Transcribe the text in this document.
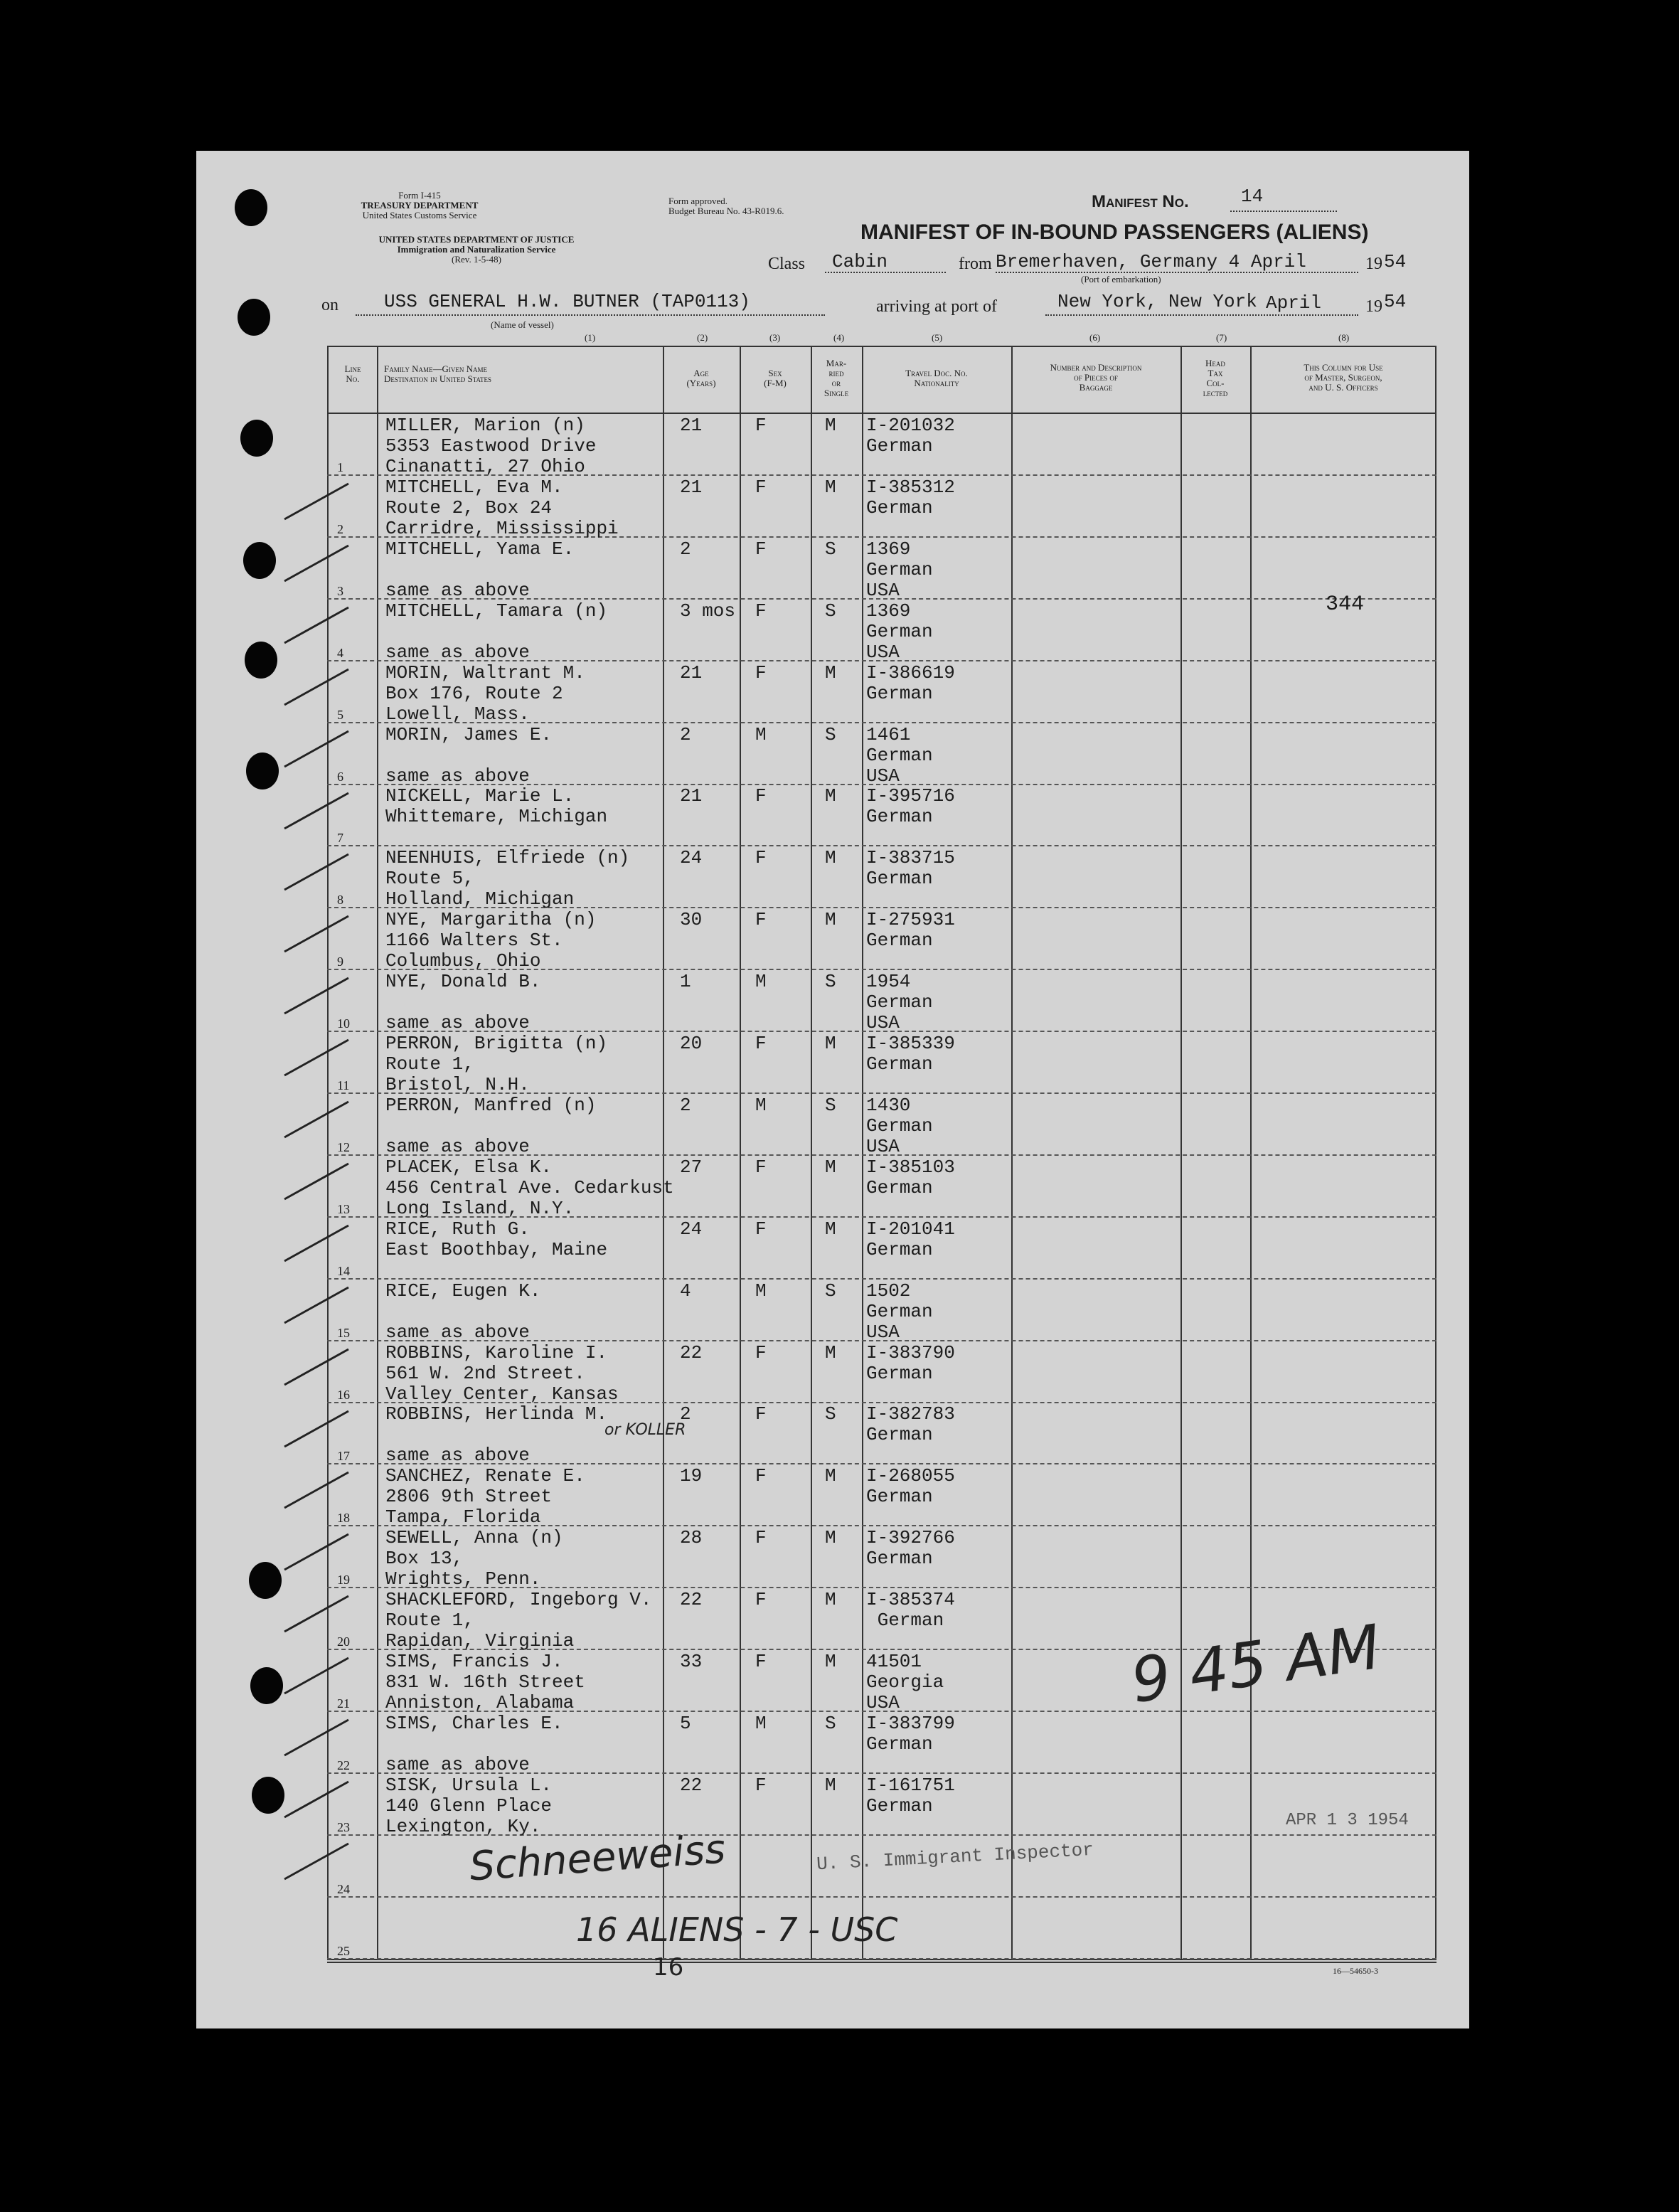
Form I-415
TREASURY DEPARTMENT
United States Customs Service
UNITED STATES DEPARTMENT OF JUSTICE
Immigration and Naturalization Service
(Rev. 1-5-48)
Form approved.
Budget Bureau No. 43-R019.6.	Manifest No.	14
MANIFEST OF IN-BOUND PASSENGERS (ALIENS)
Class Cabin	from Bremerhaven, Germany 4 April	19 54
(Port of embarkation)
on USS GENERAL H.W. BUTNER (TAP0113)
(Name of vessel)
arriving at port of	New York, New York April	19 54
(1)	(2)	(3)	(4)	(5)	(6)	(7)	(8)
Line
No.
Family Name—Given Name
Destination in United States
Age
(Years)
Sex
(F-M)
Mar-
ried
or
Single
Travel Doc. No.
Nationality
Number and Description
of Pieces of
Baggage
Head
Tax
Col-
lected
This Column for Use
of Master, Surgeon,
and U. S. Officers
1
MILLER, Marion (n)
5353 Eastwood Drive
Cinanatti, 27 Ohio
21	F	M I-201032
German
2
MITCHELL, Eva M.
Route 2, Box 24
Carridre, Mississippi
21	F	M I-385312
German
3
MITCHELL, Yama E.
same as above
2	F	S 1369
German
USA
4
MITCHELL, Tamara (n)
same as above
3 mos F	S 1369
German
USA
5
MORIN, Waltrant M.
Box 176, Route 2
Lowell, Mass.
21	F	M I-386619
German
6
MORIN, James E.
same as above
2	M	S 1461
German
USA
7
NICKELL, Marie L.
Whittemare, Michigan
21	F	M I-395716
German
8
NEENHUIS, Elfriede (n)
Route 5,
Holland, Michigan
24	F	M I-383715
German
9
NYE, Margaritha (n)
1166 Walters St.
Columbus, Ohio
30	F	M I-275931
German
10
NYE, Donald B.
same as above
1	M	S 1954
German
USA
11
PERRON, Brigitta (n)
Route 1,
Bristol, N.H.
20	F	M I-385339
German
12
PERRON, Manfred (n)
same as above
2	M	S 1430
German
USA
13
PLACEK, Elsa K.
456 Central Ave. Cedarkust
Long Island, N.Y.
27	F	M I-385103
German
14
RICE, Ruth G.
East Boothbay, Maine
24	F	M I-201041
German
15
RICE, Eugen K.
same as above
4	M	S 1502
German
USA
16
ROBBINS, Karoline I.
561 W. 2nd Street.
Valley Center, Kansas
22	F	M I-383790
German
17
ROBBINS, Herlinda M.
same as above
2	F	S I-382783
German
18
SANCHEZ, Renate E.
2806 9th Street
Tampa, Florida
19	F	M I-268055
German
19
SEWELL, Anna (n)
Box 13,
Wrights, Penn.
28	F	M I-392766
German
20
SHACKLEFORD, Ingeborg V.
Route 1,
Rapidan, Virginia
22	F	M I-385374
German
21
SIMS, Francis J.
831 W. 16th Street
Anniston, Alabama
33	F	M 41501
Georgia
USA
22
SIMS, Charles E.
same as above
5	M	S I-383799
German
23
SISK, Ursula L.
140 Glenn Place
Lexington, Ky.
22	F	M I-161751
German
24
25
344
or KOLLER
9 45 AM
APR 1 3 1954
U. S. Immigrant Inspector
Schneeweiss
16 ALIENS - 7 - USC
16	16—54650-3
